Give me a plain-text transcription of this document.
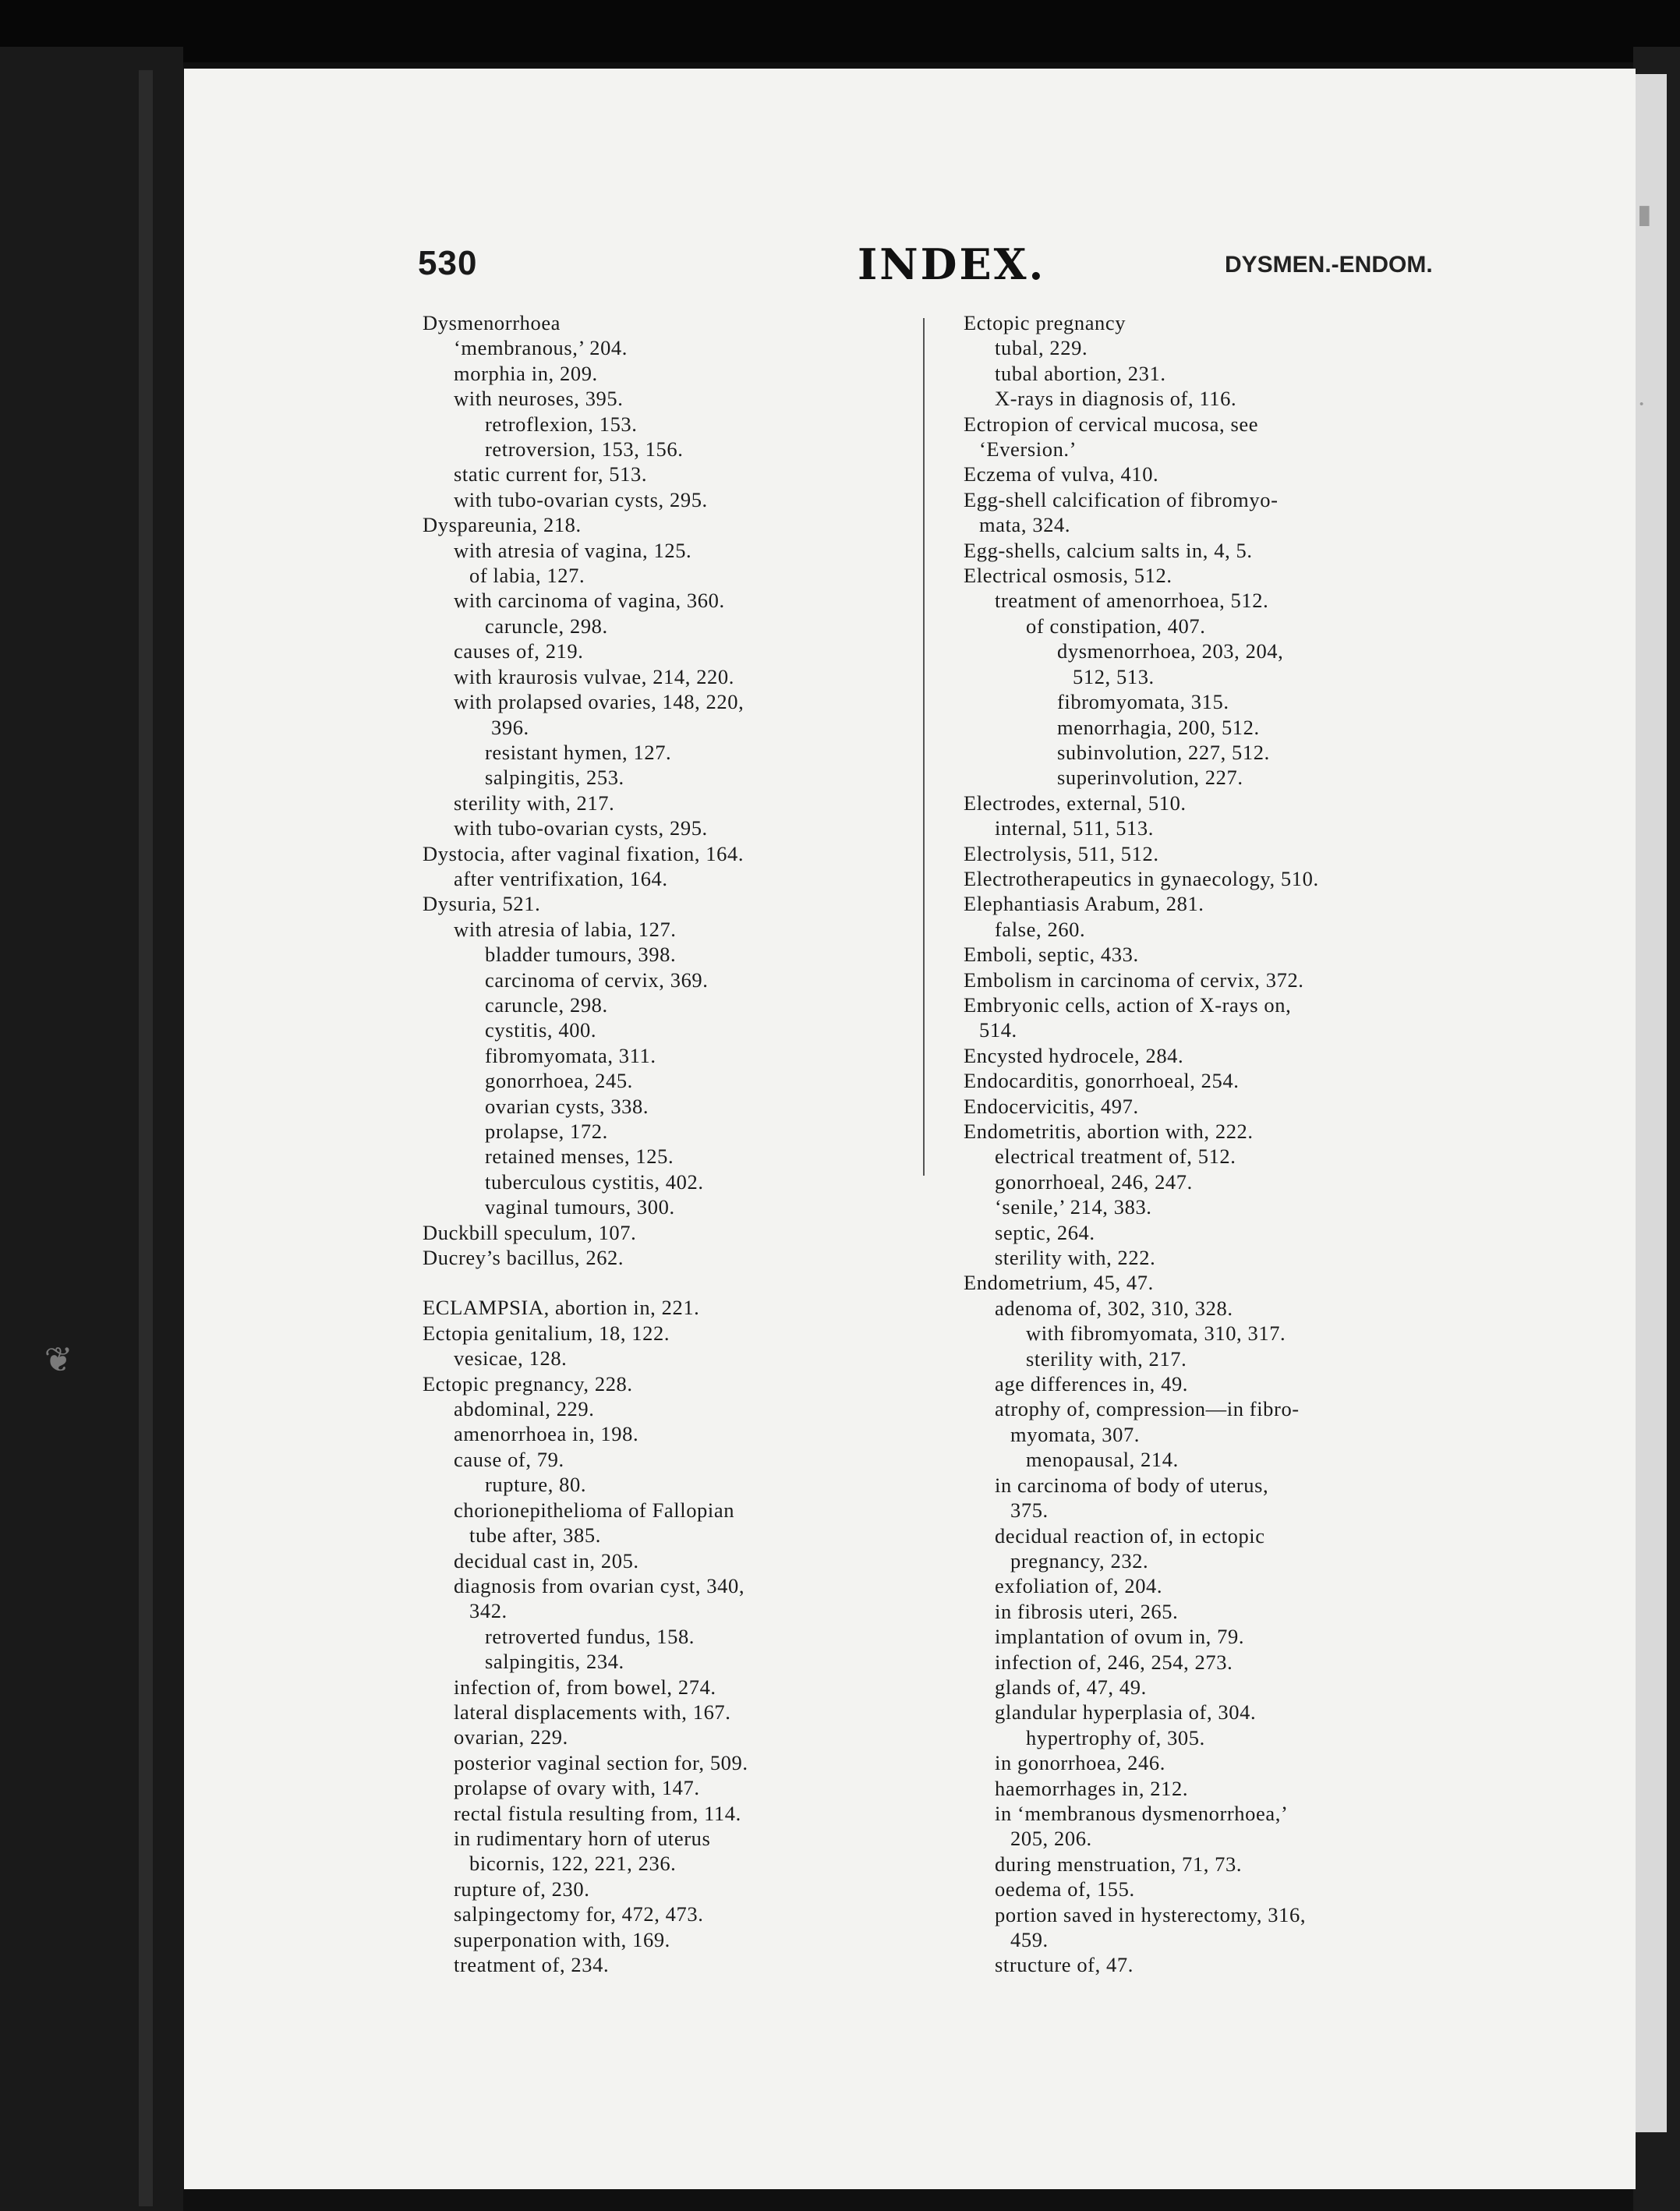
❦
▮
·
530	INDEX.	DYSMEN.-ENDOM.
Dysmenorrhoea
‘membranous,’ 204.
morphia in, 209.
with neuroses, 395.
retroflexion, 153.
retroversion, 153, 156.
static current for, 513.
with tubo-ovarian cysts, 295.
Dyspareunia, 218.
with atresia of vagina, 125.
of labia, 127.
with carcinoma of vagina, 360.
caruncle, 298.
causes of, 219.
with kraurosis vulvae, 214, 220.
with prolapsed ovaries, 148, 220,
396.
resistant hymen, 127.
salpingitis, 253.
sterility with, 217.
with tubo-ovarian cysts, 295.
Dystocia, after vaginal fixation, 164.
after ventrifixation, 164.
Dysuria, 521.
with atresia of labia, 127.
bladder tumours, 398.
carcinoma of cervix, 369.
caruncle, 298.
cystitis, 400.
fibromyomata, 311.
gonorrhoea, 245.
ovarian cysts, 338.
prolapse, 172.
retained menses, 125.
tuberculous cystitis, 402.
vaginal tumours, 300.
Duckbill speculum, 107.
Ducrey’s bacillus, 262.
ECLAMPSIA, abortion in, 221.
Ectopia genitalium, 18, 122.
vesicae, 128.
Ectopic pregnancy, 228.
abdominal, 229.
amenorrhoea in, 198.
cause of, 79.
rupture, 80.
chorionepithelioma of Fallopian
tube after, 385.
decidual cast in, 205.
diagnosis from ovarian cyst, 340,
342.
retroverted fundus, 158.
salpingitis, 234.
infection of, from bowel, 274.
lateral displacements with, 167.
ovarian, 229.
posterior vaginal section for, 509.
prolapse of ovary with, 147.
rectal fistula resulting from, 114.
in rudimentary horn of uterus
bicornis, 122, 221, 236.
rupture of, 230.
salpingectomy for, 472, 473.
superponation with, 169.
treatment of, 234.
Ectopic pregnancy
tubal, 229.
tubal abortion, 231.
X-rays in diagnosis of, 116.
Ectropion of cervical mucosa, see
‘Eversion.’
Eczema of vulva, 410.
Egg-shell calcification of fibromyo-
mata, 324.
Egg-shells, calcium salts in, 4, 5.
Electrical osmosis, 512.
treatment of amenorrhoea, 512.
of constipation, 407.
dysmenorrhoea, 203, 204,
512, 513.
fibromyomata, 315.
menorrhagia, 200, 512.
subinvolution, 227, 512.
superinvolution, 227.
Electrodes, external, 510.
internal, 511, 513.
Electrolysis, 511, 512.
Electrotherapeutics in gynaecology, 510.
Elephantiasis Arabum, 281.
false, 260.
Emboli, septic, 433.
Embolism in carcinoma of cervix, 372.
Embryonic cells, action of X-rays on,
514.
Encysted hydrocele, 284.
Endocarditis, gonorrhoeal, 254.
Endocervicitis, 497.
Endometritis, abortion with, 222.
electrical treatment of, 512.
gonorrhoeal, 246, 247.
‘senile,’ 214, 383.
septic, 264.
sterility with, 222.
Endometrium, 45, 47.
adenoma of, 302, 310, 328.
with fibromyomata, 310, 317.
sterility with, 217.
age differences in, 49.
atrophy of, compression—in fibro-
myomata, 307.
menopausal, 214.
in carcinoma of body of uterus,
375.
decidual reaction of, in ectopic
pregnancy, 232.
exfoliation of, 204.
in fibrosis uteri, 265.
implantation of ovum in, 79.
infection of, 246, 254, 273.
glands of, 47, 49.
glandular hyperplasia of, 304.
hypertrophy of, 305.
in gonorrhoea, 246.
haemorrhages in, 212.
in ‘membranous dysmenorrhoea,’
205, 206.
during menstruation, 71, 73.
oedema of, 155.
portion saved in hysterectomy, 316,
459.
structure of, 47.
